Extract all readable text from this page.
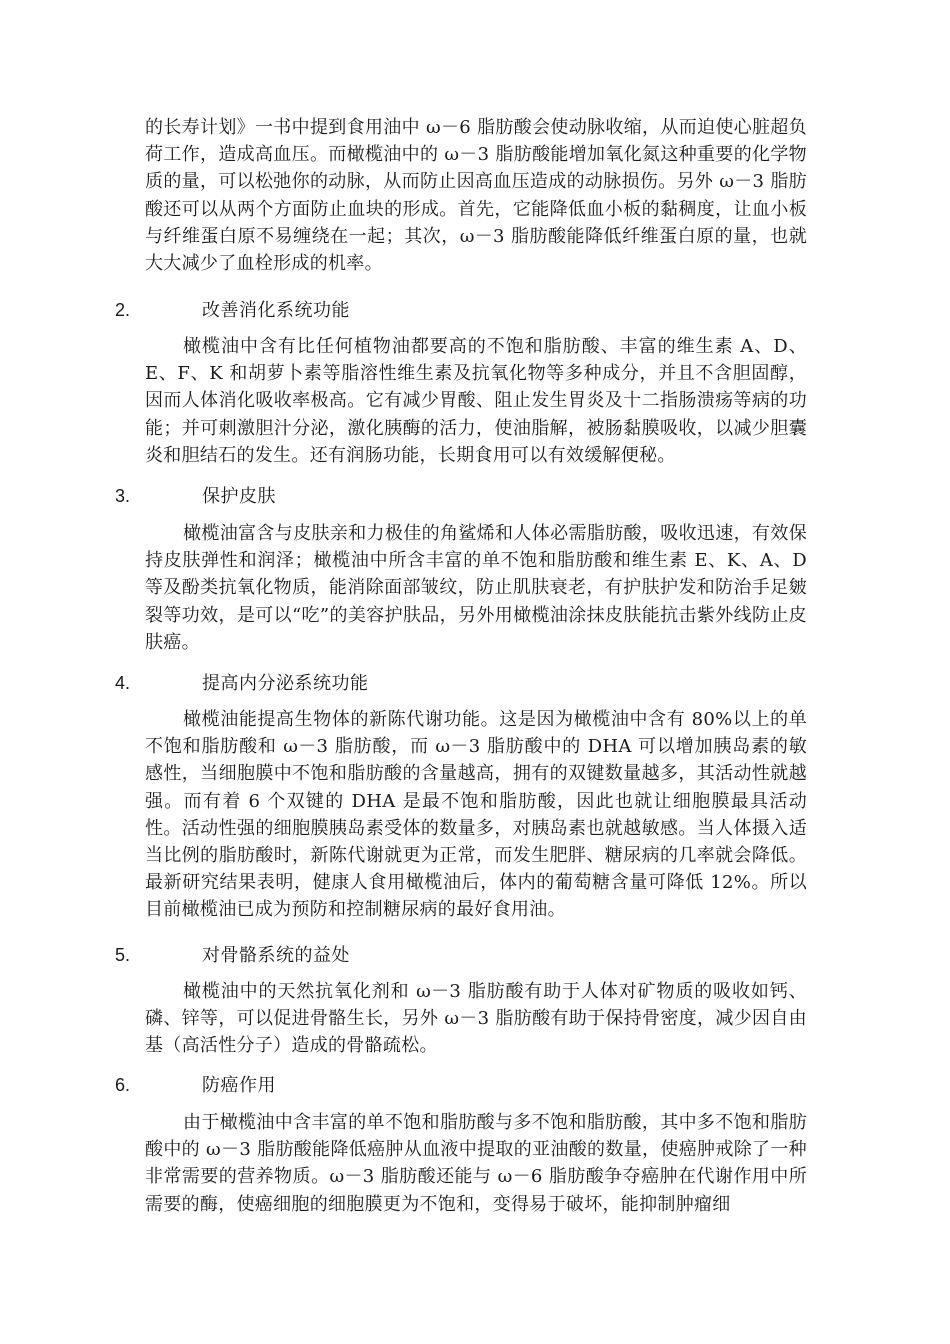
的长寿计划》一书中提到食用油中 ω－6 脂肪酸会使动脉收缩，从而迫使心脏超负荷工作，造成高血压。而橄榄油中的 ω－3 脂肪酸能增加氧化氮这种重要的化学物质的量，可以松弛你的动脉，从而防止因高血压造成的动脉损伤。另外 ω－3 脂肪酸还可以从两个方面防止血块的形成。首先，它能降低血小板的黏稠度，让血小板与纤维蛋白原不易缠绕在一起；其次，ω－3 脂肪酸能降低纤维蛋白原的量，也就大大减少了血栓形成的机率。

2.	改善消化系统功能

橄榄油中含有比任何植物油都要高的不饱和脂肪酸、丰富的维生素 A、D、E、F、K 和胡萝卜素等脂溶性维生素及抗氧化物等多种成分，并且不含胆固醇，因而人体消化吸收率极高。它有减少胃酸、阻止发生胃炎及十二指肠溃疡等病的功能；并可刺激胆汁分泌，激化胰酶的活力，使油脂解，被肠黏膜吸收，以减少胆囊炎和胆结石的发生。还有润肠功能，长期食用可以有效缓解便秘。

3.	保护皮肤

橄榄油富含与皮肤亲和力极佳的角鲨烯和人体必需脂肪酸，吸收迅速，有效保持皮肤弹性和润泽；橄榄油中所含丰富的单不饱和脂肪酸和维生素 E、K、A、D 等及酚类抗氧化物质，能消除面部皱纹，防止肌肤衰老，有护肤护发和防治手足皴裂等功效，是可以“吃”的美容护肤品，另外用橄榄油涂抹皮肤能抗击紫外线防止皮肤癌。

4.	提高内分泌系统功能

橄榄油能提高生物体的新陈代谢功能。这是因为橄榄油中含有 80%以上的单不饱和脂肪酸和 ω－3 脂肪酸，而 ω－3 脂肪酸中的 DHA 可以增加胰岛素的敏感性，当细胞膜中不饱和脂肪酸的含量越高，拥有的双键数量越多，其活动性就越强。而有着 6 个双键的 DHA 是最不饱和脂肪酸，因此也就让细胞膜最具活动性。活动性强的细胞膜胰岛素受体的数量多，对胰岛素也就越敏感。当人体摄入适当比例的脂肪酸时，新陈代谢就更为正常，而发生肥胖、糖尿病的几率就会降低。最新研究结果表明，健康人食用橄榄油后，体内的葡萄糖含量可降低 12%。所以目前橄榄油已成为预防和控制糖尿病的最好食用油。

5.	对骨骼系统的益处

橄榄油中的天然抗氧化剂和 ω－3 脂肪酸有助于人体对矿物质的吸收如钙、磷、锌等，可以促进骨骼生长，另外 ω－3 脂肪酸有助于保持骨密度，减少因自由基（高活性分子）造成的骨骼疏松。

6.	防癌作用

由于橄榄油中含丰富的单不饱和脂肪酸与多不饱和脂肪酸，其中多不饱和脂肪酸中的 ω－3 脂肪酸能降低癌肿从血液中提取的亚油酸的数量，使癌肿戒除了一种非常需要的营养物质。ω－3 脂肪酸还能与 ω－6 脂肪酸争夺癌肿在代谢作用中所需要的酶，使癌细胞的细胞膜更为不饱和，变得易于破坏，能抑制肿瘤细
